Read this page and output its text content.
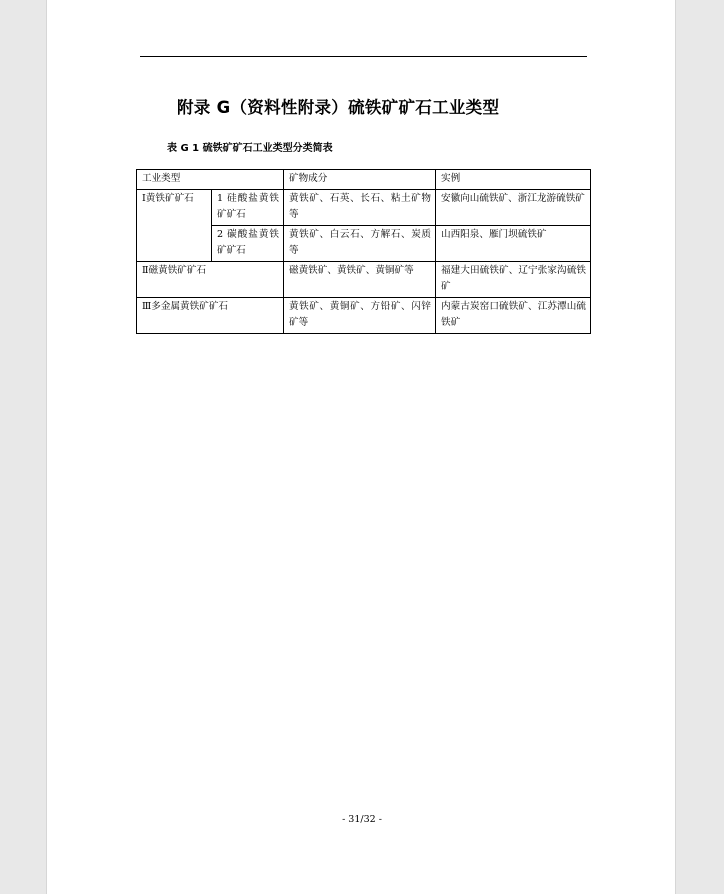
附录 G（资料性附录）硫铁矿矿石工业类型
表 G 1 硫铁矿矿石工业类型分类简表
工业类型		矿物成分	实例
Ⅰ黄铁矿矿石	1 硅酸盐黄铁矿矿石	黄铁矿、石英、长石、粘土矿物等	安徽向山硫铁矿、浙江龙游硫铁矿
	2 碳酸盐黄铁矿矿石	黄铁矿、白云石、方解石、炭质等	山西阳泉、雁门坝硫铁矿
Ⅱ磁黄铁矿矿石		磁黄铁矿、黄铁矿、黄铜矿等	福建大田硫铁矿、辽宁张家沟硫铁矿
Ⅲ多金属黄铁矿矿石		黄铁矿、黄铜矿、方铅矿、闪锌矿等	内蒙古炭窑口硫铁矿、江苏潭山硫铁矿
- 31/32 -
